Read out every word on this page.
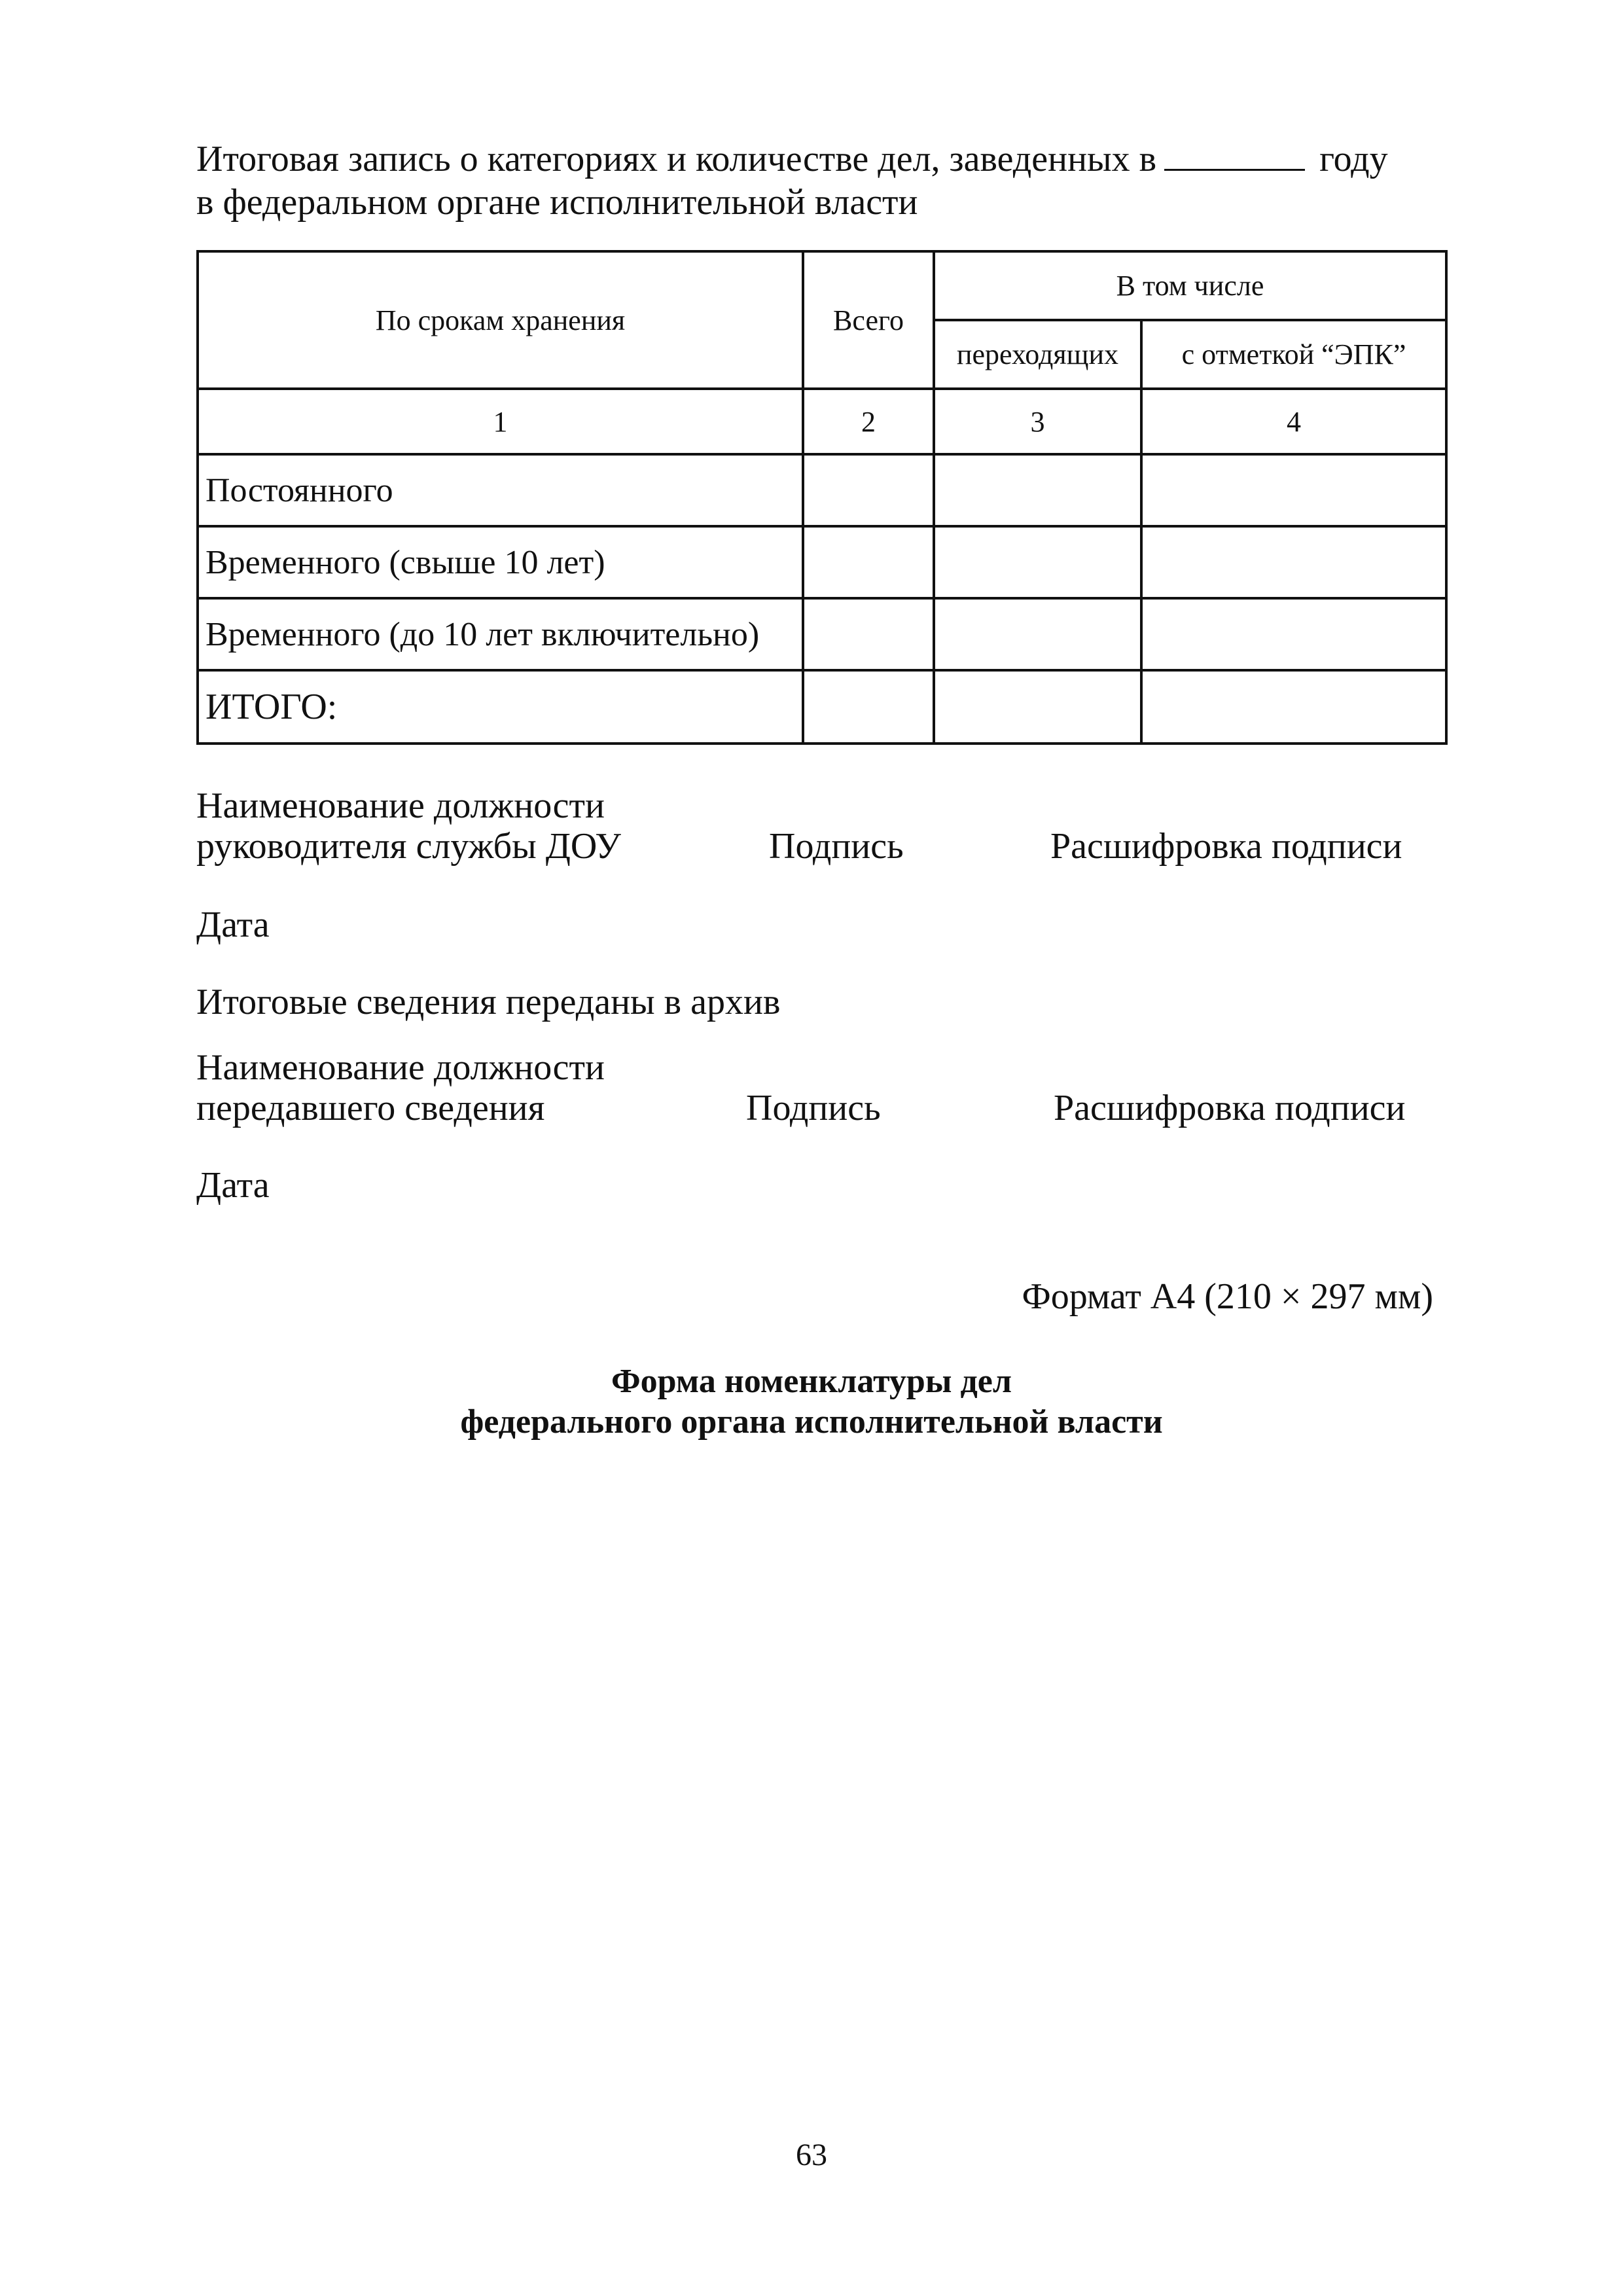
Итоговая запись о категориях и количестве дел, заведенных в	году
в федеральном органе исполнительной власти
По срокам хранения	Всего	В том числе	
		переходящих	с отметкой “ЭПК”
1	2	3	4
Постоянного			
Временного (свыше 10 лет)			
Временного (до 10 лет включительно)			
ИТОГО:			
Наименование должности
руководителя службы ДОУ	Подпись	Расшифровка подписи
Дата
Итоговые сведения переданы в архив
Наименование должности
передавшего сведения	Подпись	Расшифровка подписи
Дата
Формат А4 (210 × 297 мм)
Форма номенклатуры дел
федерального органа исполнительной власти
63
